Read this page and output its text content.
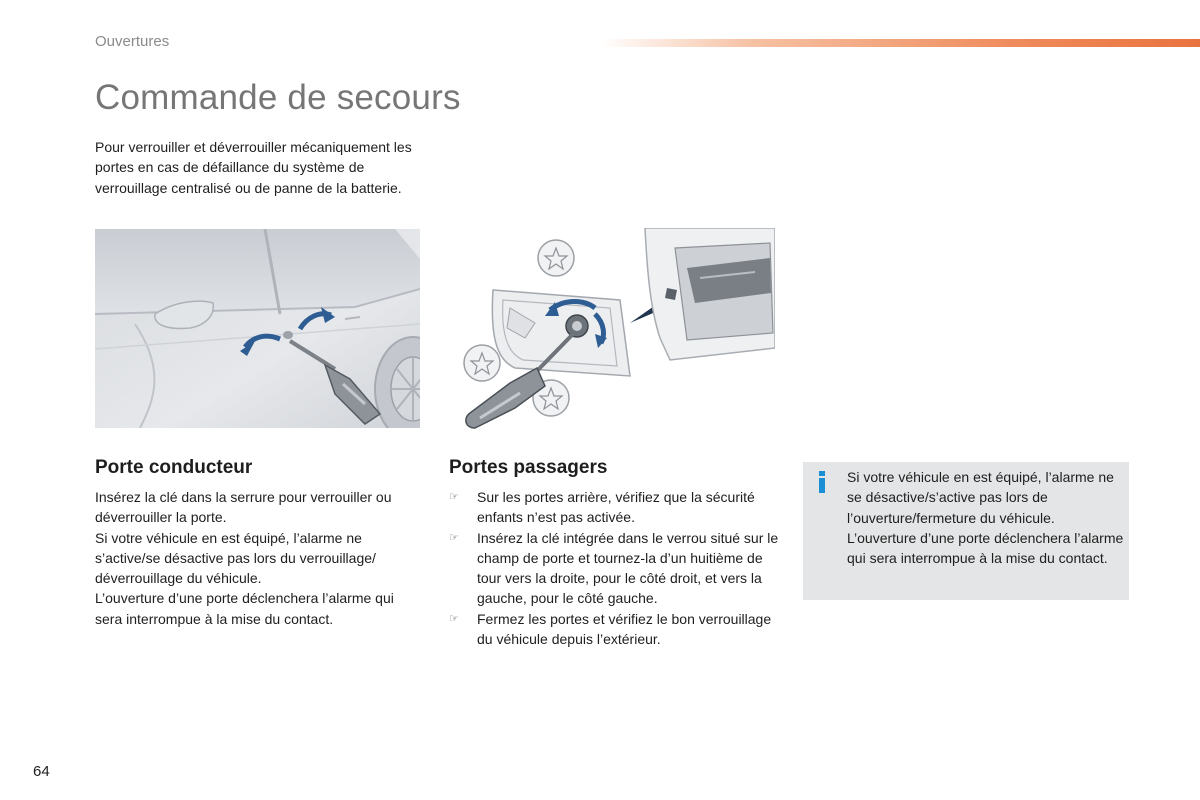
Ouvertures
Commande de secours
Pour verrouiller et déverrouiller mécaniquement les portes en cas de défaillance du système de verrouillage centralisé ou de panne de la batterie.
Porte conducteur	Portes passagers
Insérez la clé dans la serrure pour verrouiller ou déverrouiller la porte.
Si votre véhicule en est équipé, l’alarme ne s’active/se désactive pas lors du verrouillage/ déverrouillage du véhicule.
L’ouverture d’une porte déclenchera l’alarme qui sera interrompue à la mise du contact.
☞ Sur les portes arrière, vérifiez que la sécurité enfants n’est pas activée.
☞ Insérez la clé intégrée dans le verrou situé sur le champ de porte et tournez-la d’un huitième de tour vers la droite, pour le côté droit, et vers la gauche, pour le côté gauche.
☞ Fermez les portes et vérifiez le bon verrouillage du véhicule depuis l’extérieur.
Si votre véhicule en est équipé, l’alarme ne se désactive/s’active pas lors de l’ouverture/fermeture du véhicule. L’ouverture d’une porte déclenchera l’alarme qui sera interrompue à la mise du contact.
64
